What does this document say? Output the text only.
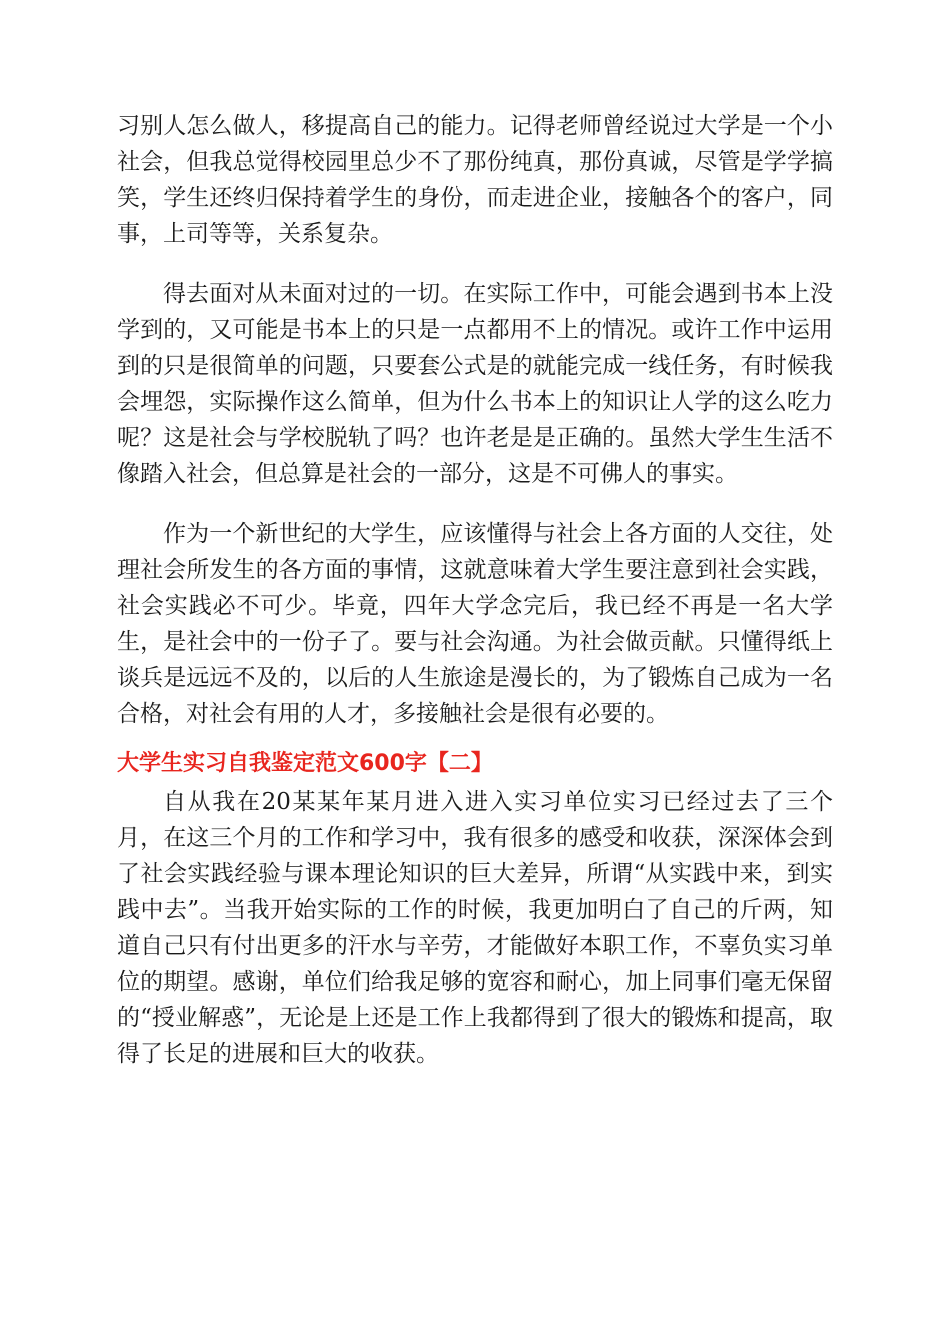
习别人怎么做人，移提高自己的能力。记得老师曾经说过大学是一个小社会，但我总觉得校园里总少不了那份纯真，那份真诚，尽管是学学搞笑，学生还终归保持着学生的身份，而走进企业，接触各个的客户，同事，上司等等，关系复杂。

得去面对从未面对过的一切。在实际工作中，可能会遇到书本上没学到的，又可能是书本上的只是一点都用不上的情况。或许工作中运用到的只是很简单的问题，只要套公式是的就能完成一线任务，有时候我会埋怨，实际操作这么简单，但为什么书本上的知识让人学的这么吃力呢？这是社会与学校脱轨了吗？也许老是是正确的。虽然大学生生活不像踏入社会，但总算是社会的一部分，这是不可佛人的事实。

作为一个新世纪的大学生，应该懂得与社会上各方面的人交往，处理社会所发生的各方面的事情，这就意味着大学生要注意到社会实践，社会实践必不可少。毕竟，四年大学念完后，我已经不再是一名大学生，是社会中的一份子了。要与社会沟通。为社会做贡献。只懂得纸上谈兵是远远不及的，以后的人生旅途是漫长的，为了锻炼自己成为一名合格，对社会有用的人才，多接触社会是很有必要的。

大学生实习自我鉴定范文600字【二】

自从我在20某某年某月进入进入实习单位实习已经过去了三个月，在这三个月的工作和学习中，我有很多的感受和收获，深深体会到了社会实践经验与课本理论知识的巨大差异，所谓“从实践中来，到实践中去”。当我开始实际的工作的时候，我更加明白了自己的斤两，知道自己只有付出更多的汗水与辛劳，才能做好本职工作，不辜负实习单位的期望。感谢，单位们给我足够的宽容和耐心，加上同事们毫无保留的“授业解惑”，无论是上还是工作上我都得到了很大的锻炼和提高，取得了长足的进展和巨大的收获。
